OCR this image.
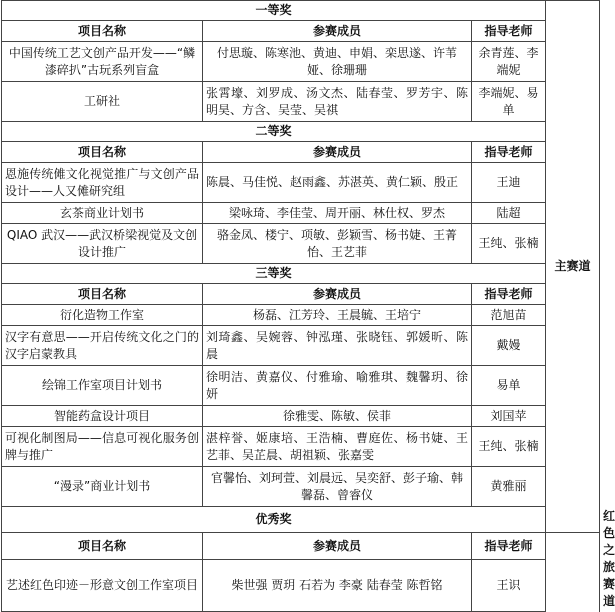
一等奖			主赛道	
项目名称	参赛成员	指导老师		
中国传统工艺文创产品开发——“鳞漆碎扒”古玩系列盲盒	付思璇、陈寒池、黄迪、申娟、栾思遂、许苇娅、徐珊珊	余青莲、李端妮		
工研社	张霄壕、刘罗成、汤文杰、陆春莹、罗芳宇、陈明昊、方含、吴莹、吴祺	李端妮、易单		
二等奖				
项目名称	参赛成员	指导老师		
恩施传统傩文化视觉推广与文创产品设计——人又傩研究组	陈晨、马佳悦、赵雨鑫、苏湛英、黄仁颖、殷正	王迪		
玄茶商业计划书	梁咏琦、李佳莹、周开丽、林仕权、罗杰	陆超		
QIAO 武汉——武汉桥梁视觉及文创设计推广	骆金凤、楼宁、项敏、彭颖雪、杨书婕、王菁怡、王艺菲	王纯、张楠		
三等奖				
项目名称	参赛成员	指导老师		
衍化造物工作室	杨磊、江芳玲、王晨毓、王培宁	范旭苗		
汉字有意思——开启传统文化之门的汉字启蒙教具	刘琦鑫、吴婉蓉、钟泓瑾、张晓钰、郭媛昕、陈晨	戴嫚		
绘锦工作室项目计划书	徐明洁、黄嘉仪、付雅瑜、喻雅琪、魏馨玥、徐妍	易单		
智能药盒设计项目	徐雅雯、陈敏、侯菲	刘国苹		
可视化制图局——信息可视化服务创牌与推广	湛梓誉、姬康培、王浩楠、曹庭佐、杨书婕、王艺菲、吴芷晨、胡祖颖、张嘉雯	王纯、张楠		
“漫录”商业计划书	官馨怡、刘珂萱、刘晨远、吴奕舒、彭子瑜、韩馨磊、曾睿仪	黄雅丽		
优秀奖				红色之旅赛道
项目名称	参赛成员	指导老师		
艺述红色印迹－形意文创工作室项目	柴世强 贾玥 石若为 李豪 陆春莹 陈哲铭	王识		
